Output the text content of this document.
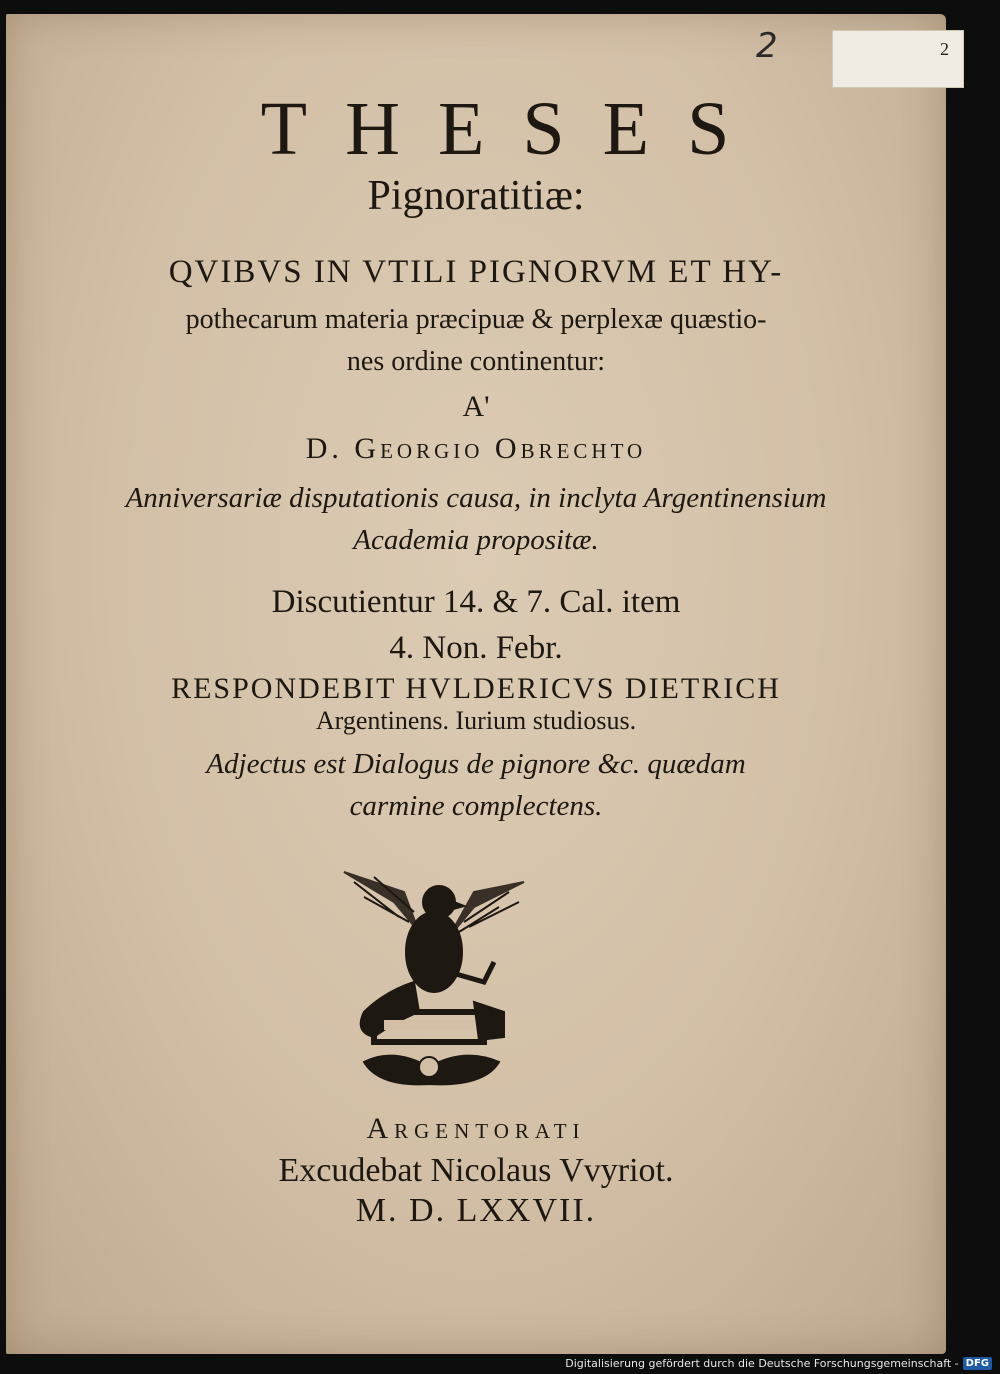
THESES
Pignoratitiæ:
QVIBVS IN VTILI PIGNORVM ET HY-
pothecarum materia præcipuæ & perplexæ quæstio-
nes ordine continentur:
A'
D. Georgio Obrechto
Anniversariæ disputationis causa, in inclyta Argentinensium
Academia propositæ.
Discutientur 14. & 7. Cal. item
4. Non. Febr.
RESPONDEBIT HVLDERICVS DIETRICH
Argentinens. Iurium studiosus.
Adjectus est Dialogus de pignore &c. quædam
carmine complectens.
Argentorati
Excudebat Nicolaus Vvyriot.
M. D. LXXVII.
2	2
Digitalisierung gefördert durch die Deutsche Forschungsgemeinschaft - DFG
